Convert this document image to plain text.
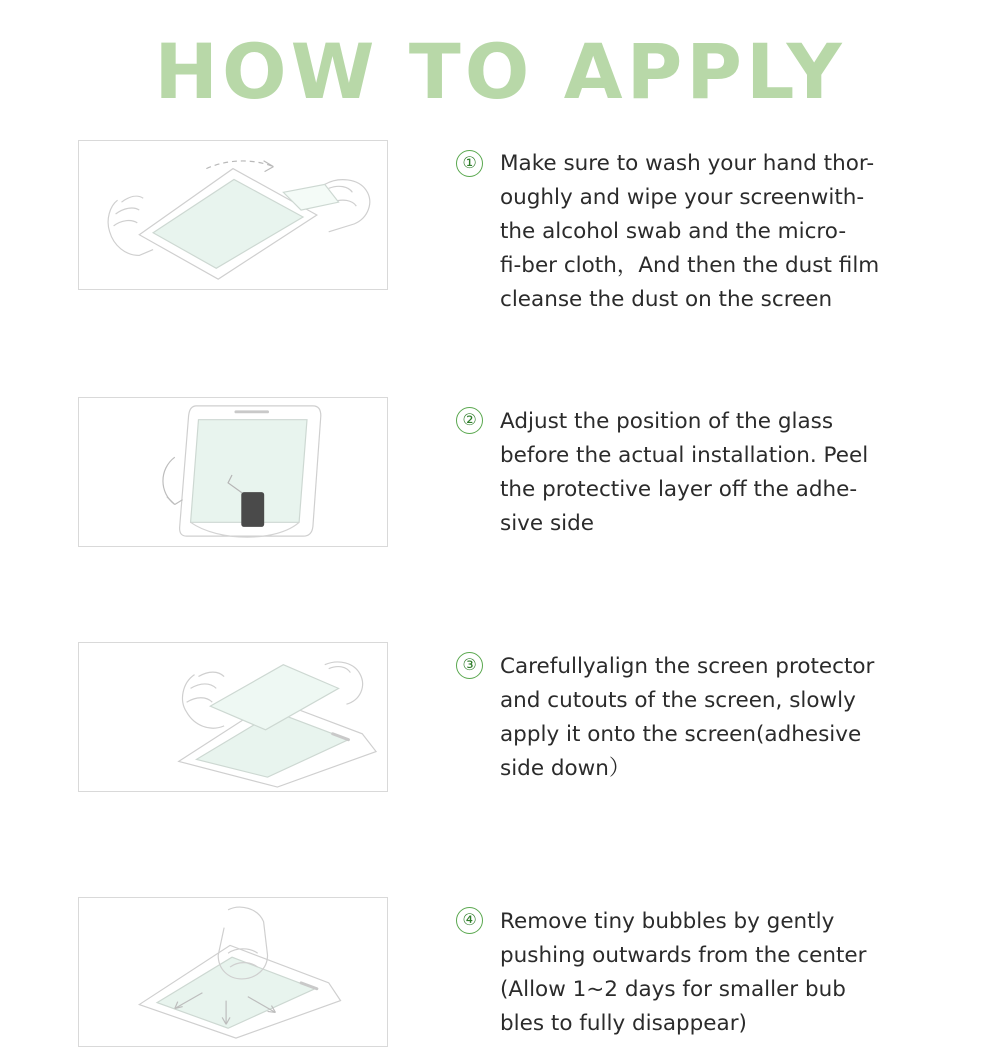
HOW TO APPLY
① Make sure to wash your hand thor-
oughly and wipe your screenwith-
the alcohol swab and the micro-
fi-ber cloth，And then the dust film
cleanse the dust on the screen
② Adjust the position of the glass
before the actual installation. Peel
the protective layer off the adhe-
sive side
③ Carefullyalign the screen protector
and cutouts of the screen, slowly
apply it onto the screen(adhesive
side down）
④ Remove tiny bubbles by gently
pushing outwards from the center
(Allow 1~2 days for smaller bub
bles to fully disappear)
